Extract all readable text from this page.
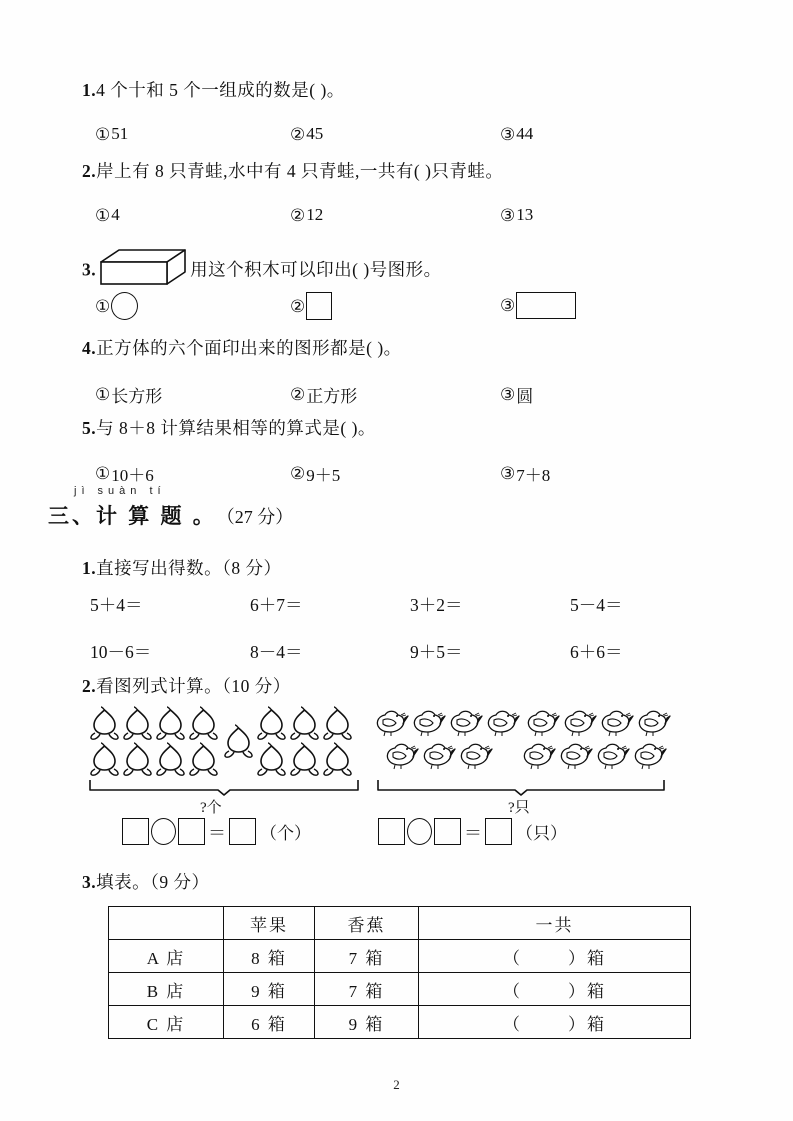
1.4 个十和 5 个一组成的数是( )。
① 51	② 45	③ 44
2.岸上有 8 只青蛙,水中有 4 只青蛙,一共有( )只青蛙。
① 4	② 12	③ 13
3.	用这个积木可以印出( )号图形。
①	②	③
4.正方体的六个面印出来的图形都是( )。
① 长方形	② 正方形	③ 圆
5.与 8＋8 计算结果相等的算式是( )。
① 10＋6	② 9＋5	③ 7＋8
jì suàn tí
三、计 算 题 。（27 分）
1.直接写出得数。（8 分）
5＋4＝	6＋7＝	3＋2＝	5－4＝
10－6＝	8－4＝	9＋5＝	6＋6＝
2.看图列式计算。（10 分）
?个	?只
＝ （个）	＝ （只）
3.填表。（9 分）
	苹果	香蕉	一共
A 店	8 箱	7 箱	（ ）箱
B 店	9 箱	7 箱	（ ）箱
C 店	6 箱	9 箱	（ ）箱
2
